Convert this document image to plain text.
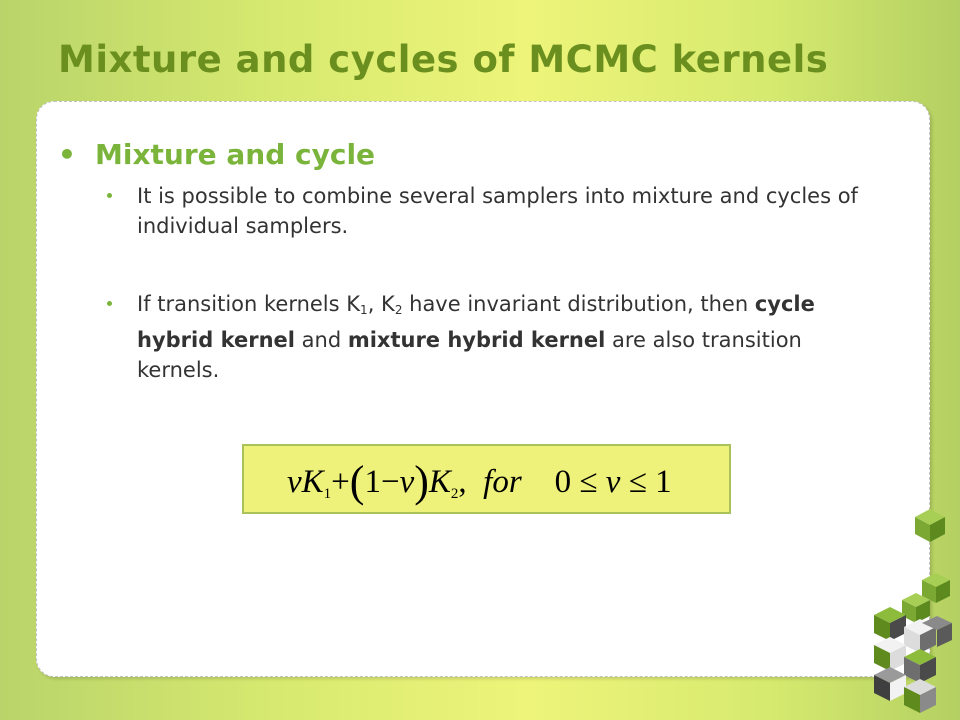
Mixture and cycles of MCMC kernels
• Mixture and cycle
It is possible to combine several samplers into mixture and cycles of individual samplers.
If transition kernels $K_1$, $K_2$ have invariant distribution, then cycle hybrid kernel and mixture hybrid kernel are also transition kernels.
$vK_1+(1-v)K_2$, for 0 ≤ v ≤ 1
